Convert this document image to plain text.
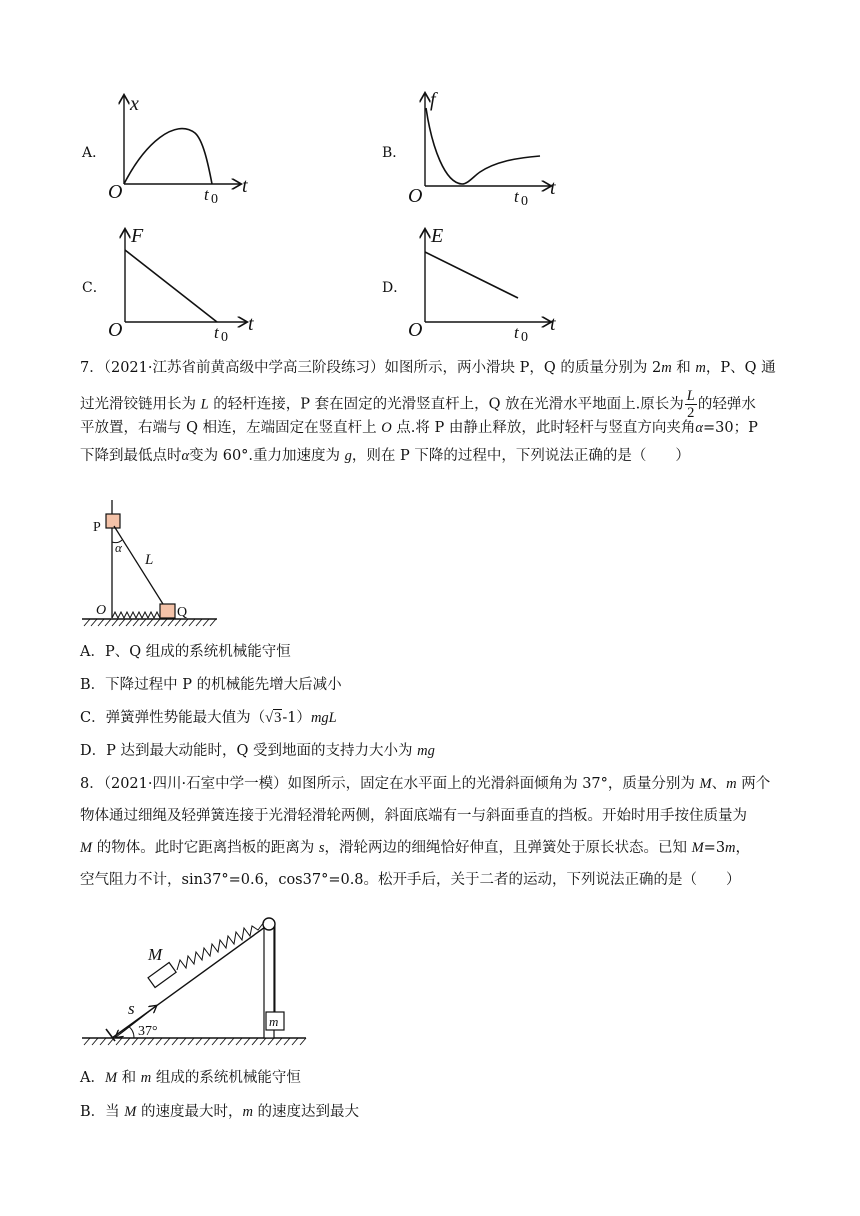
A．
x
O	t
t 0
B．
f
O	t
t 0
C．
F
O	t
t 0
D．
E
O	t
t 0
7．（2021·江苏省前黄高级中学高三阶段练习）如图所示，两小滑块 P，Q 的质量分别为 2m 和 m，P、Q 通
过光滑铰链用长为 L 的轻杆连接，P 套在固定的光滑竖直杆上，Q 放在光滑水平地面上.原长为 $\frac{L}{2}$ 的轻弹水
平放置，右端与 Q 相连，左端固定在竖直杆上 O 点.将 P 由静止释放，此时轻杆与竖直方向夹角α=30；P
下降到最低点时α变为 60°.重力加速度为 g，则在 P 下降的过程中，下列说法正确的是（　　）
P
α
L
O	Q
A．P、Q 组成的系统机械能守恒
B．下降过程中 P 的机械能先增大后减小
C．弹簧弹性势能最大值为（√3-1）mgL
D．P 达到最大动能时，Q 受到地面的支持力大小为 mg
8．（2021·四川·石室中学一模）如图所示，固定在水平面上的光滑斜面倾角为 37°，质量分别为 M、m 两个
物体通过细绳及轻弹簧连接于光滑轻滑轮两侧，斜面底端有一与斜面垂直的挡板。开始时用手按住质量为
M 的物体。此时它距离挡板的距离为 s，滑轮两边的细绳恰好伸直，且弹簧处于原长状态。已知 M=3m，
空气阻力不计，sin37°=0.6，cos37°=0.8。松开手后，关于二者的运动，下列说法正确的是（　　）
m
M
s
37°
A．M 和 m 组成的系统机械能守恒
B．当 M 的速度最大时，m 的速度达到最大
